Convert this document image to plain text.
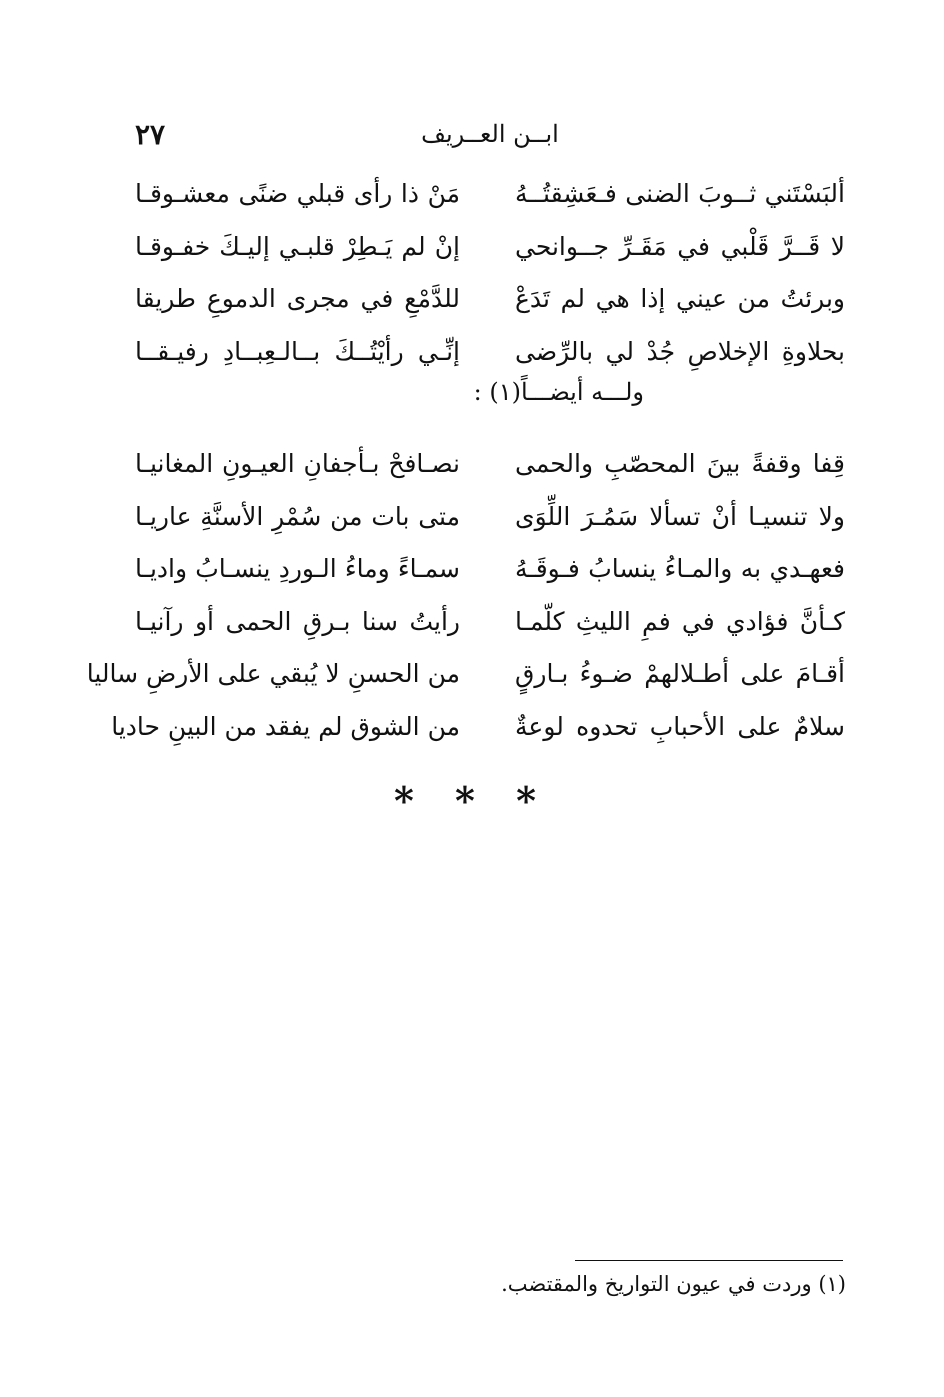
٢٧	ابــن العــريف
ألبَسْتَني ثــوبَ الضنى فـعَشِقتُــهُ
مَنْ ذا رأى قبلي ضنًى معشـوقـا
لا قَــرَّ قَلْبي في مَقَـرِّ جــوانحي
إنْ لم يَـطِرْ قلبـي إليـكَ خفـوقـا
وبرئتُ من عيني إذا هي لم تَدَعْ
للدَّمْعِ في مجرى الدموعِ طريقا
بحلاوةِ الإخلاصِ جُدْ لي بالرِّضى
إنِّـي رأيْتُــكَ بــالـعِبــادِ رفيـقــا
ولـــه أيضـــاً(١) :
قِفا وقفةً بينَ المحصّبِ والحمى
نصـافحْ بـأجفانِ العيـونِ المغانيـا
ولا تنسيـا أنْ تسألا سَمُـرَ اللِّوَى
متى بات من سُمْرِ الأسنَّةِ عاريـا
فعهـدي به والمـاءُ ينسابُ فـوقَـهُ
سمـاءً وماءُ الـوردِ ينسـابُ واديـا
كـأنَّ فؤادي في فمِ الليثِ كلّمـا
رأيتُ سنا بـرقِ الحمى أو رآنيـا
أقـامَ على أطـلالهمْ ضـوءُ بـارقٍ
من الحسنِ لا يُبقي على الأرضِ ساليا
سلامٌ على الأحبابِ تحدوه لوعةٌ
من الشوق لم يفقد من البينِ حاديا
* * *
(١) وردت في عيون التواريخ والمقتضب.
